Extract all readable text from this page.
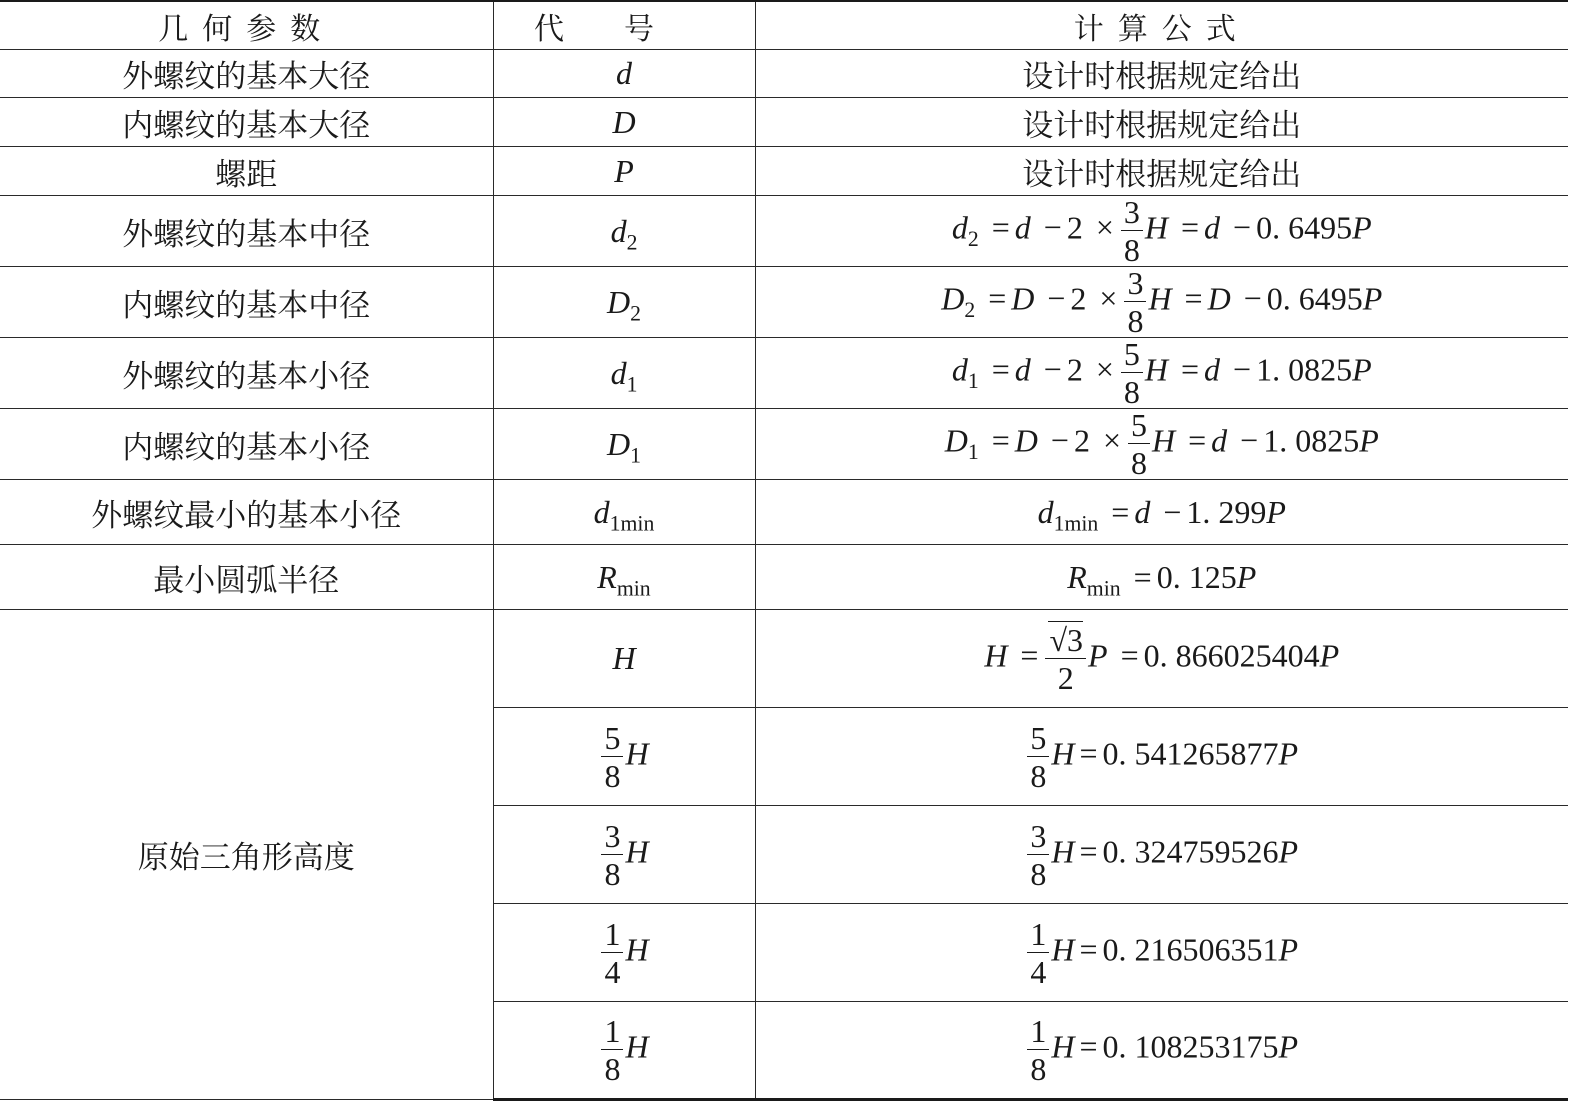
几何参数	代号	计算公式
外螺纹的基本大径	d	设计时根据规定给出
内螺纹的基本大径	D	设计时根据规定给出
螺距	P	设计时根据规定给出
外螺纹的基本中径	$d_2$	$d_2 = d - 2 \times \frac{3}{8}$ H = d − 0. 6495P
内螺纹的基本中径	$D_2$	$D_2 = D - 2 \times \frac{3}{8}$ H = D − 0. 6495P
外螺纹的基本小径	$d_1$	$d_1 = d - 2 \times \frac{5}{8}$ H = d − 1. 0825P
内螺纹的基本小径	$D_1$	$D_1 = D - 2 \times \frac{5}{8}$ H = d − 1. 0825P
外螺纹最小的基本小径	$d_{1min}$	$d_{1min} = d - 1$. 299P
最小圆弧半径	$R_{min}$	$R_{min} = 0$. 125P
原始三角形高度	H	$H = \frac{√3}{2}$ P = 0. 866025404P

	$\frac{5}{8}$ H	$\frac{5}{8}$ H = 0. 541265877P

	$\frac{3}{8}$ H	$\frac{3}{8}$ H = 0. 324759526P

	$\frac{1}{4}$ H	$\frac{1}{4}$ H = 0. 216506351P

	$\frac{1}{8}$ H	$\frac{1}{8}$ H = 0. 108253175P
